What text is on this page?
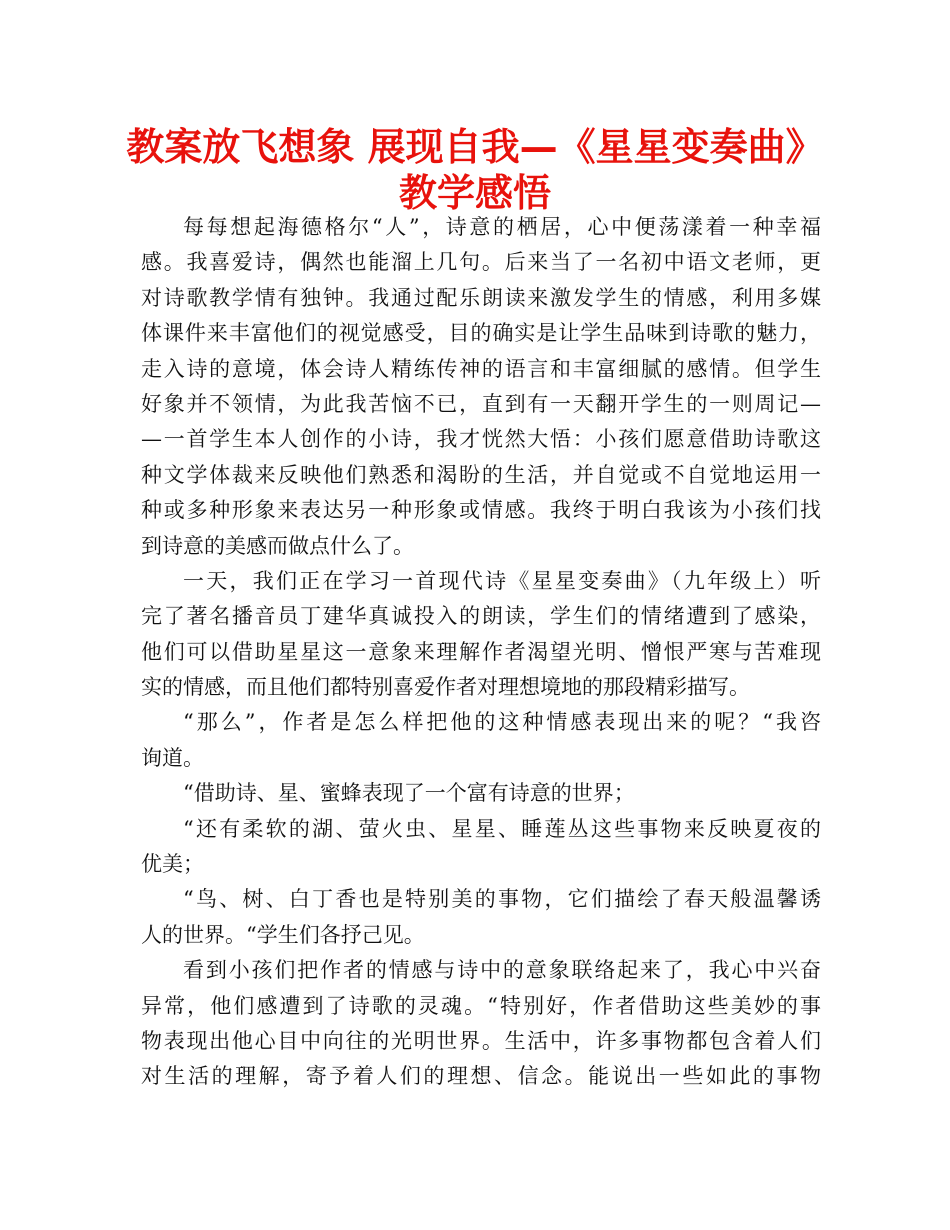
教案放飞想象 展现自我—《星星变奏曲》
教学感悟
每每想起海德格尔“人”，诗意的栖居，心中便荡漾着一种幸福
感。我喜爱诗，偶然也能溜上几句。后来当了一名初中语文老师，更
对诗歌教学情有独钟。我通过配乐朗读来激发学生的情感，利用多媒
体课件来丰富他们的视觉感受，目的确实是让学生品味到诗歌的魅力，
走入诗的意境，体会诗人精练传神的语言和丰富细腻的感情。但学生
好象并不领情，为此我苦恼不已，直到有一天翻开学生的一则周记—
—一首学生本人创作的小诗，我才恍然大悟：小孩们愿意借助诗歌这
种文学体裁来反映他们熟悉和渴盼的生活，并自觉或不自觉地运用一
种或多种形象来表达另一种形象或情感。我终于明白我该为小孩们找
到诗意的美感而做点什么了。
一天，我们正在学习一首现代诗《星星变奏曲》（九年级上）听
完了著名播音员丁建华真诚投入的朗读，学生们的情绪遭到了感染，
他们可以借助星星这一意象来理解作者渴望光明、憎恨严寒与苦难现
实的情感，而且他们都特别喜爱作者对理想境地的那段精彩描写。
“那么”，作者是怎么样把他的这种情感表现出来的呢？“我咨
询道。
“借助诗、星、蜜蜂表现了一个富有诗意的世界；
“还有柔软的湖、萤火虫、星星、睡莲丛这些事物来反映夏夜的
优美；
“鸟、树、白丁香也是特别美的事物，它们描绘了春天般温馨诱
人的世界。“学生们各抒己见。
看到小孩们把作者的情感与诗中的意象联络起来了，我心中兴奋
异常，他们感遭到了诗歌的灵魂。“特别好，作者借助这些美妙的事
物表现出他心目中向往的光明世界。生活中，许多事物都包含着人们
对生活的理解，寄予着人们的理想、信念。能说出一些如此的事物
